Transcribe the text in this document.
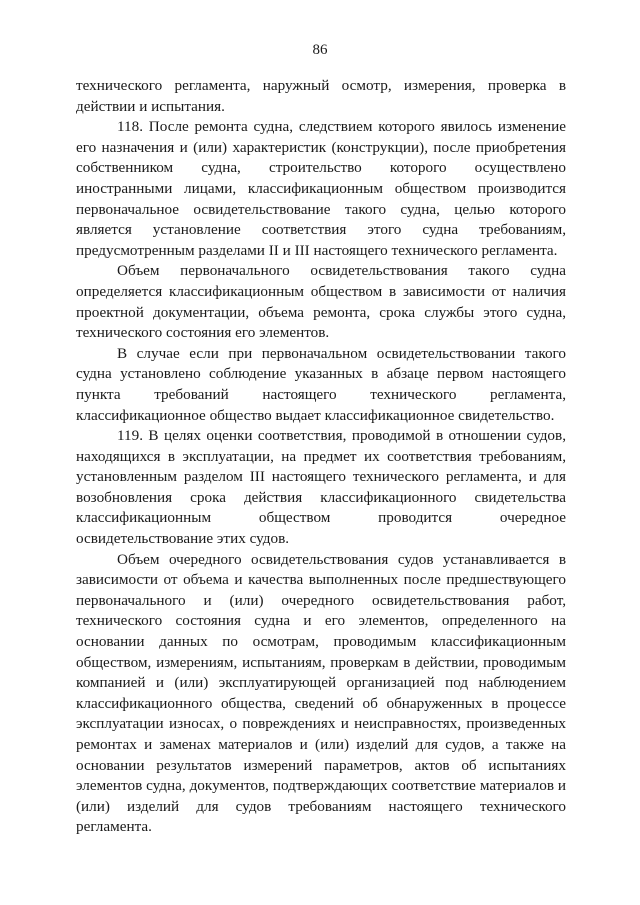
86

технического регламента, наружный осмотр, измерения, проверка в действии и испытания.

118. После ремонта судна, следствием которого явилось изменение его назначения и (или) характеристик (конструкции), после приобретения собственником судна, строительство которого осуществлено иностранными лицами, классификационным обществом производится первоначальное освидетельствование такого судна, целью которого является установление соответствия этого судна требованиям, предусмотренным разделами II и III настоящего технического регламента.

Объем первоначального освидетельствования такого судна определяется классификационным обществом в зависимости от наличия проектной документации, объема ремонта, срока службы этого судна, технического состояния его элементов.

В случае если при первоначальном освидетельствовании такого судна установлено соблюдение указанных в абзаце первом настоящего пункта требований настоящего технического регламента, классификационное общество выдает классификационное свидетельство.

119. В целях оценки соответствия, проводимой в отношении судов, находящихся в эксплуатации, на предмет их соответствия требованиям, установленным разделом III настоящего технического регламента, и для возобновления срока действия классификационного свидетельства классификационным обществом проводится очередное освидетельствование этих судов.

Объем очередного освидетельствования судов устанавливается в зависимости от объема и качества выполненных после предшествующего первоначального и (или) очередного освидетельствования работ, технического состояния судна и его элементов, определенного на основании данных по осмотрам, проводимым классификационным обществом, измерениям, испытаниям, проверкам в действии, проводимым компанией и (или) эксплуатирующей организацией под наблюдением классификационного общества, сведений об обнаруженных в процессе эксплуатации износах, о повреждениях и неисправностях, произведенных ремонтах и заменах материалов и (или) изделий для судов, а также на основании результатов измерений параметров, актов об испытаниях элементов судна, документов, подтверждающих соответствие материалов и (или) изделий для судов требованиям настоящего технического регламента.
